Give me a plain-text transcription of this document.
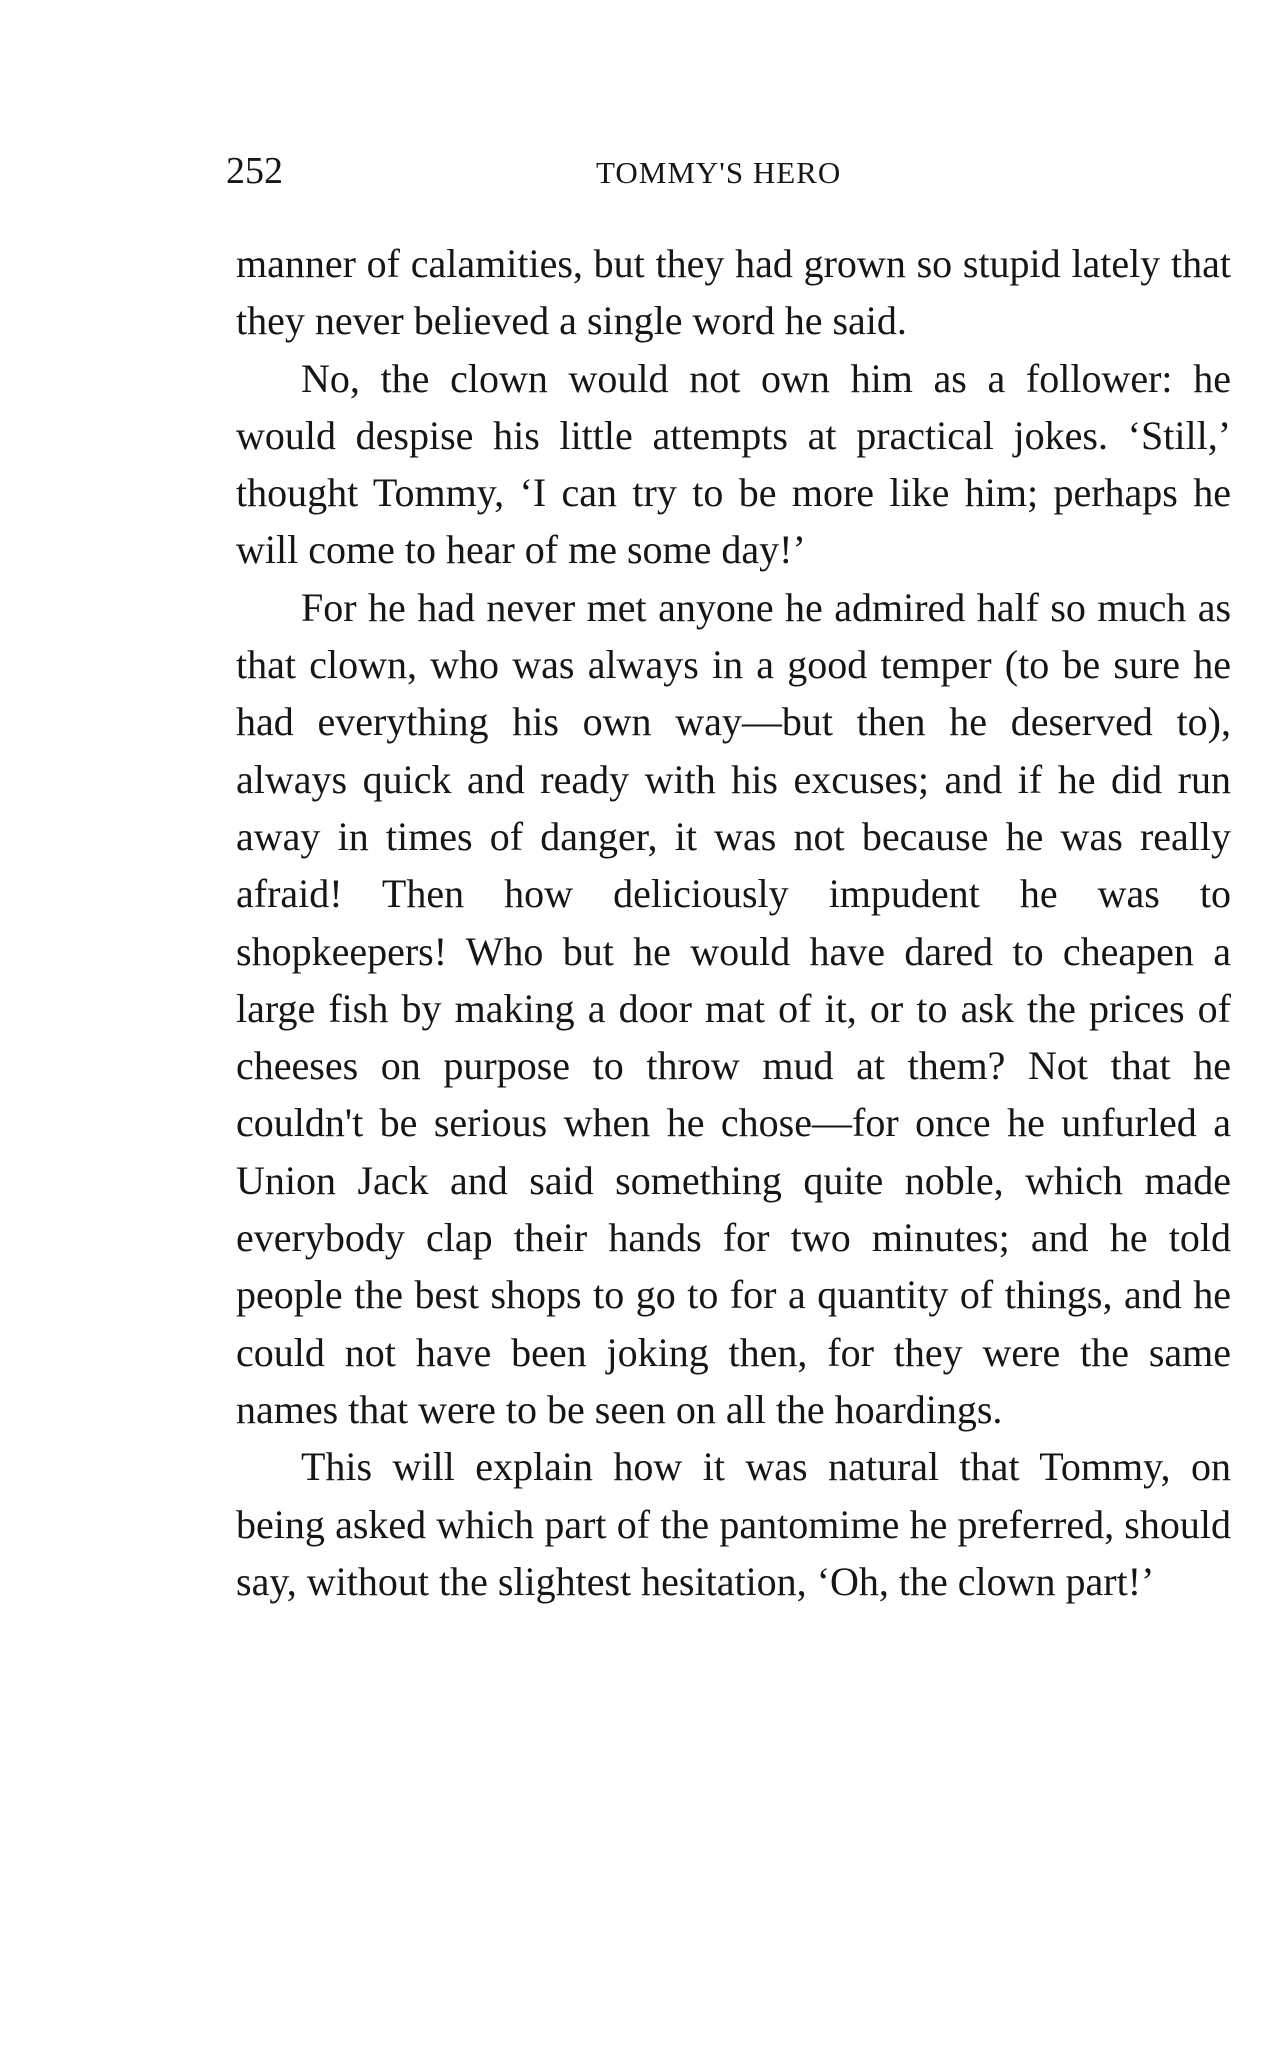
252	TOMMY'S HERO

manner of calamities, but they had grown so stupid lately that they never believed a single word he said.

No, the clown would not own him as a follower: he would despise his little attempts at practical jokes. ‘Still,’ thought Tommy, ‘I can try to be more like him; perhaps he will come to hear of me some day!’

For he had never met anyone he admired half so much as that clown, who was always in a good temper (to be sure he had everything his own way—but then he deserved to), always quick and ready with his excuses; and if he did run away in times of danger, it was not because he was really afraid! Then how deliciously impudent he was to shopkeepers! Who but he would have dared to cheapen a large fish by making a door mat of it, or to ask the prices of cheeses on purpose to throw mud at them? Not that he couldn't be serious when he chose—for once he unfurled a Union Jack and said something quite noble, which made everybody clap their hands for two minutes; and he told people the best shops to go to for a quantity of things, and he could not have been joking then, for they were the same names that were to be seen on all the hoardings.

This will explain how it was natural that Tommy, on being asked which part of the pantomime he preferred, should say, without the slightest hesitation, ‘Oh, the clown part!’
